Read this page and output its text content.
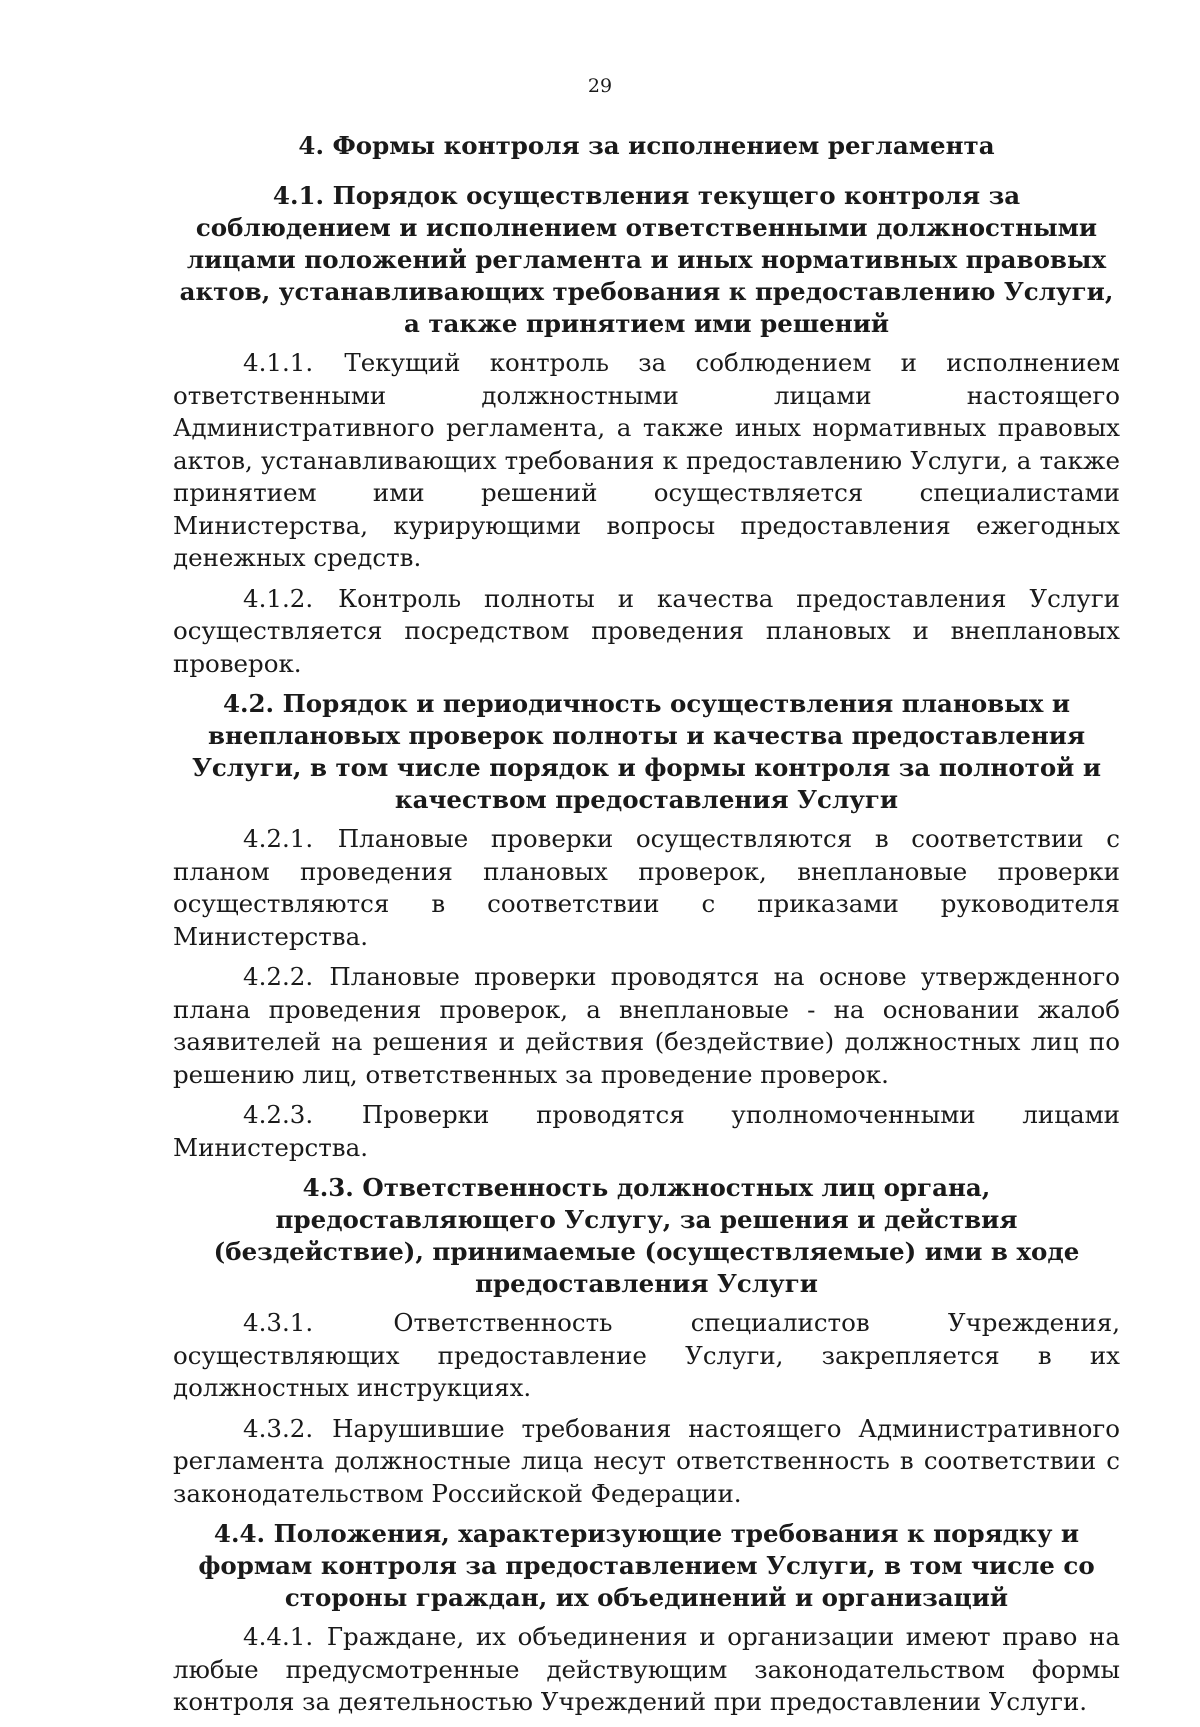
29
4. Формы контроля за исполнением регламента
4.1. Порядок осуществления текущего контроля за соблюдением и исполнением ответственными должностными лицами положений регламента и иных нормативных правовых актов, устанавливающих требования к предоставлению Услуги, а также принятием ими решений

4.1.1. Текущий контроль за соблюдением и исполнением ответственными должностными лицами настоящего Административного регламента, а также иных нормативных правовых актов, устанавливающих требования к предоставлению Услуги, а также принятием ими решений осуществляется специалистами Министерства, курирующими вопросы предоставления ежегодных денежных средств.

4.1.2. Контроль полноты и качества предоставления Услуги осуществляется посредством проведения плановых и внеплановых проверок.

4.2. Порядок и периодичность осуществления плановых и внеплановых проверок полноты и качества предоставления Услуги, в том числе порядок и формы контроля за полнотой и качеством предоставления Услуги

4.2.1. Плановые проверки осуществляются в соответствии с планом проведения плановых проверок, внеплановые проверки осуществляются в соответствии с приказами руководителя Министерства.

4.2.2. Плановые проверки проводятся на основе утвержденного плана проведения проверок, а внеплановые - на основании жалоб заявителей на решения и действия (бездействие) должностных лиц по решению лиц, ответственных за проведение проверок.

4.2.3. Проверки проводятся уполномоченными лицами Министерства.

4.3. Ответственность должностных лиц органа, предоставляющего Услугу, за решения и действия (бездействие), принимаемые (осуществляемые) ими в ходе предоставления Услуги

4.3.1.	Ответственность специалистов Учреждения, осуществляющих предоставление Услуги, закрепляется в их должностных инструкциях.

4.3.2. Нарушившие требования настоящего Административного регламента должностные лица несут ответственность в соответствии с законодательством Российской Федерации.

4.4. Положения, характеризующие требования к порядку и формам контроля за предоставлением Услуги, в том числе со стороны граждан, их объединений и организаций

4.4.1. Граждане, их объединения и организации имеют право на любые предусмотренные действующим законодательством формы контроля за деятельностью Учреждений при предоставлении Услуги.
